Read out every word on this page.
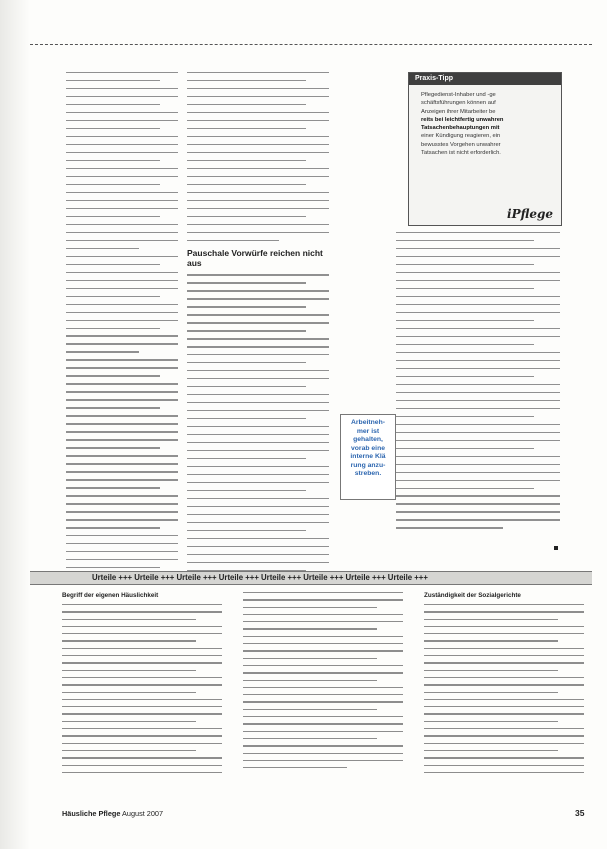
Pauschale Vorwürfe reichen nicht aus
Praxis-Tipp
Pflegedienst-Inhaber und -ge
schäftsführungen können auf
Anzeigen ihrer Mitarbeiter be
reits bei leichtfertig unwahren
Tatsachenbehauptungen mit
einer Kündigung reagieren, ein
bewusstes Vorgehen unwahrer
Tatsachen ist nicht erforderlich.
iPflege
Arbeitneh-
mer ist
gehalten,
vorab eine
interne Klä
rung anzu-
streben.
Urteile +++ Urteile +++ Urteile +++ Urteile +++ Urteile +++ Urteile +++ Urteile +++ Urteile +++
Begriff der eigenen Häuslichkeit	Zuständigkeit der Sozialgerichte
Häusliche Pflege August 2007	35
